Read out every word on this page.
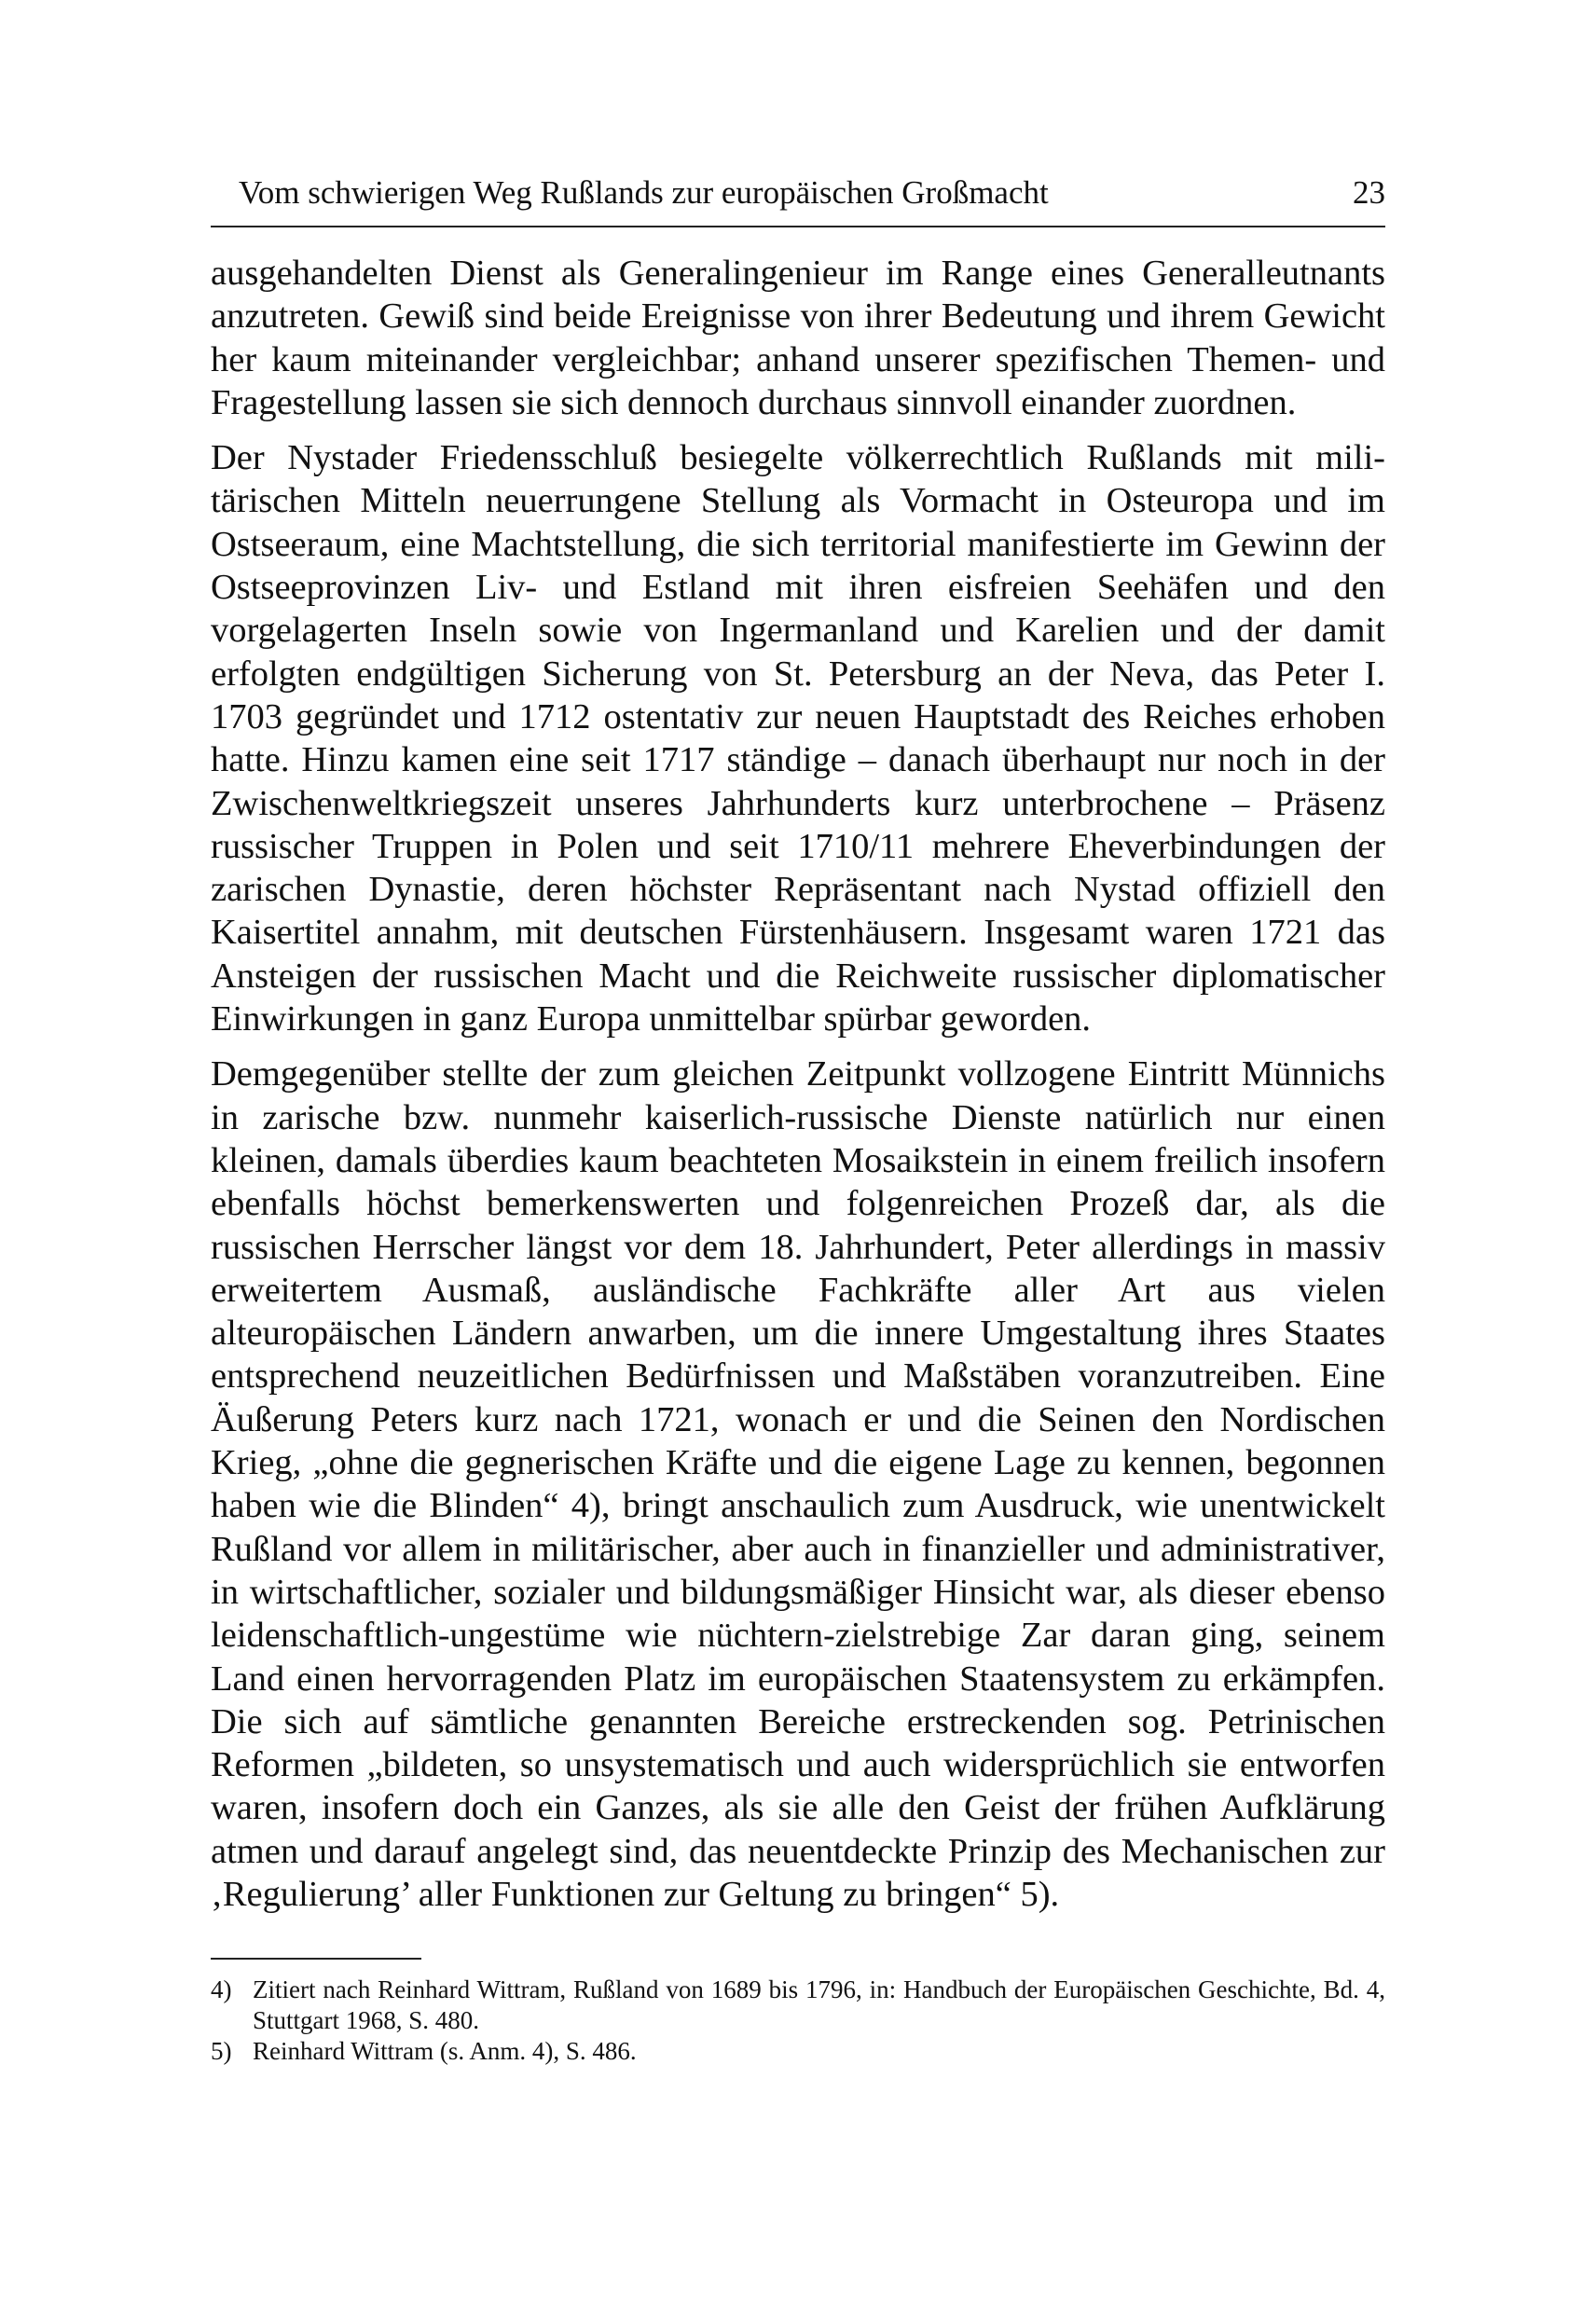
Vom schwierigen Weg Rußlands zur europäischen Großmacht	23

ausgehandelten Dienst als Generalingenieur im Range eines Generalleutnants anzutreten. Gewiß sind beide Ereignisse von ihrer Bedeutung und ihrem Gewicht her kaum miteinander vergleichbar; anhand unserer spezifischen Themen- und Fragestellung lassen sie sich dennoch durchaus sinnvoll einander zuordnen.

Der Nystader Friedensschluß besiegelte völkerrechtlich Rußlands mit militärischen Mitteln neuerrungene Stellung als Vormacht in Osteuropa und im Ostseeraum, eine Machtstellung, die sich territorial manifestierte im Gewinn der Ostseeprovinzen Liv- und Estland mit ihren eisfreien Seehäfen und den vorgelagerten Inseln sowie von Ingermanland und Karelien und der damit erfolgten endgültigen Sicherung von St. Petersburg an der Neva, das Peter I. 1703 gegründet und 1712 ostentativ zur neuen Hauptstadt des Reiches erhoben hatte. Hinzu kamen eine seit 1717 ständige – danach überhaupt nur noch in der Zwischenweltkriegszeit unseres Jahrhunderts kurz unterbrochene – Präsenz russischer Truppen in Polen und seit 1710/11 mehrere Eheverbindungen der zarischen Dynastie, deren höchster Repräsentant nach Nystad offiziell den Kaisertitel annahm, mit deutschen Fürstenhäusern. Insgesamt waren 1721 das Ansteigen der russischen Macht und die Reichweite russischer diplomatischer Einwirkungen in ganz Europa unmittelbar spürbar geworden.

Demgegenüber stellte der zum gleichen Zeitpunkt vollzogene Eintritt Münnichs in zarische bzw. nunmehr kaiserlich-russische Dienste natürlich nur einen kleinen, damals überdies kaum beachteten Mosaikstein in einem freilich insofern ebenfalls höchst bemerkenswerten und folgenreichen Prozeß dar, als die russischen Herrscher längst vor dem 18. Jahrhundert, Peter allerdings in massiv erweitertem Ausmaß, ausländische Fachkräfte aller Art aus vielen alteuropäischen Ländern anwarben, um die innere Umgestaltung ihres Staates entsprechend neuzeitlichen Bedürfnissen und Maßstäben voranzutreiben. Eine Äußerung Peters kurz nach 1721, wonach er und die Seinen den Nordischen Krieg, „ohne die gegnerischen Kräfte und die eigene Lage zu kennen, begonnen haben wie die Blinden“ 4), bringt anschaulich zum Ausdruck, wie unentwickelt Rußland vor allem in militärischer, aber auch in finanzieller und administrativer, in wirtschaftlicher, sozialer und bildungsmäßiger Hinsicht war, als dieser ebenso leidenschaftlich-ungestüme wie nüchtern-zielstrebige Zar daran ging, seinem Land einen hervorragenden Platz im europäischen Staatensystem zu erkämpfen. Die sich auf sämtliche genannten Bereiche erstreckenden sog. Petrinischen Reformen „bildeten, so unsystematisch und auch widersprüchlich sie entworfen waren, insofern doch ein Ganzes, als sie alle den Geist der frühen Aufklärung atmen und darauf angelegt sind, das neuentdeckte Prinzip des Mechanischen zur ‚Regulierung’ aller Funktionen zur Geltung zu bringen“ 5).

4) Zitiert nach Reinhard Wittram, Rußland von 1689 bis 1796, in: Handbuch der Europäischen Geschichte, Bd. 4, Stuttgart 1968, S. 480.

5) Reinhard Wittram (s. Anm. 4), S. 486.
